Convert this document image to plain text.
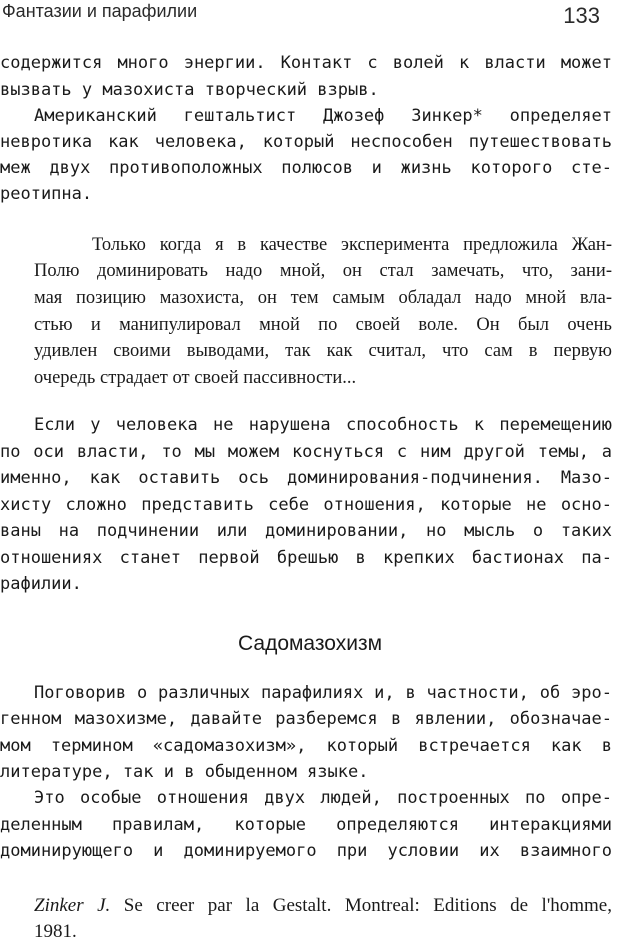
Фантазии и парафилии	133
содержится много энергии. Контакт с волей к власти может
вызвать у мазохиста творческий взрыв.
Американский гештальтист Джозеф Зинкер* определяет
невротика как человека, который неспособен путешествовать
меж двух противоположных полюсов и жизнь которого сте-
реотипна.
Только когда я в качестве эксперимента предложила Жан-
Полю доминировать надо мной, он стал замечать, что, зани-
мая позицию мазохиста, он тем самым обладал надо мной вла-
стью и манипулировал мной по своей воле. Он был очень
удивлен своими выводами, так как считал, что сам в первую
очередь страдает от своей пассивности...
Если у человека не нарушена способность к перемещению
по оси власти, то мы можем коснуться с ним другой темы, а
именно, как оставить ось доминирования-подчинения. Мазо-
хисту сложно представить себе отношения, которые не осно-
ваны на подчинении или доминировании, но мысль о таких
отношениях станет первой брешью в крепких бастионах па-
рафилии.
Садомазохизм
Поговорив о различных парафилиях и, в частности, об эро-
генном мазохизме, давайте разберемся в явлении, обозначае-
мом термином «садомазохизм», который встречается как в
литературе, так и в обыденном языке.
Это особые отношения двух людей, построенных по опре-
деленным правилам, которые определяются интеракциями
доминирующего и доминируемого при условии их взаимного
Zinker J. Se creer par la Gestalt. Montreal: Editions de l'homme,
1981.
